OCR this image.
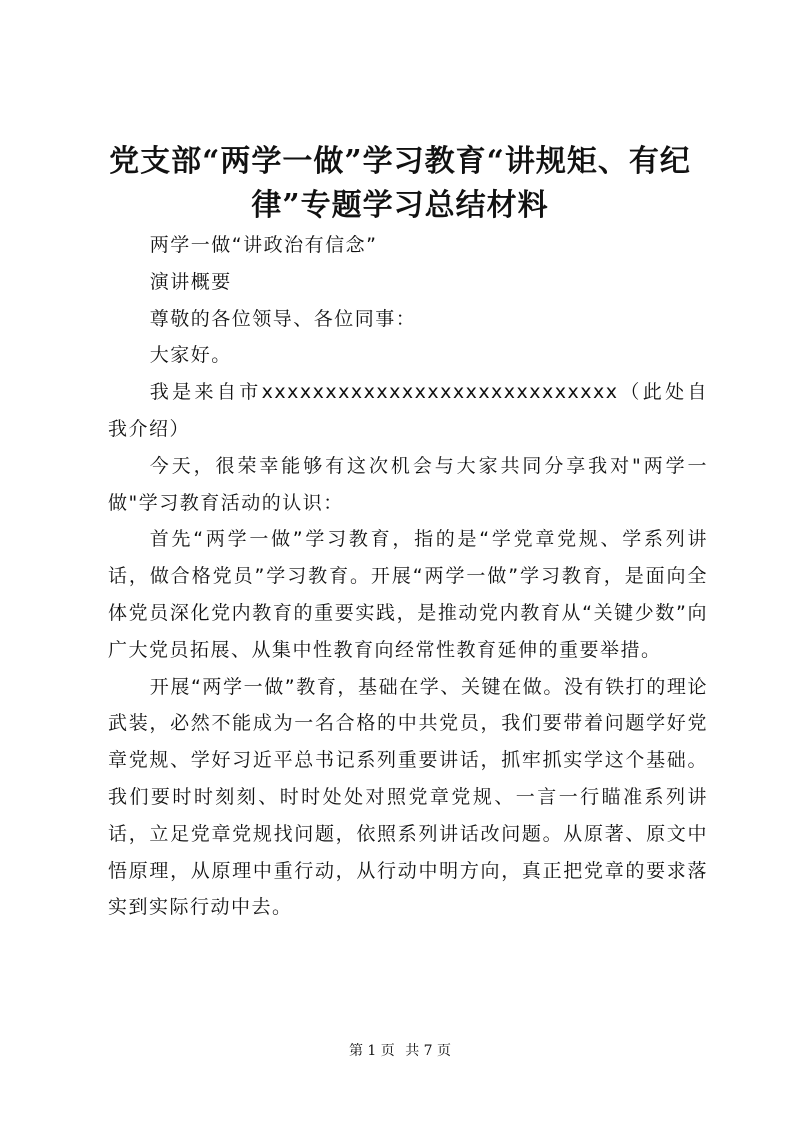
党支部“两学一做”学习教育“讲规矩、有纪律”专题学习总结材料

两学一做“讲政治有信念”

演讲概要

尊敬的各位领导、各位同事：

大家好。

我是来自市xxxxxxxxxxxxxxxxxxxxxxxxxxxx（此处自我介绍）

今天，很荣幸能够有这次机会与大家共同分享我对"两学一做"学习教育活动的认识：

首先“两学一做”学习教育，指的是“学党章党规、学系列讲话，做合格党员”学习教育。开展“两学一做”学习教育，是面向全体党员深化党内教育的重要实践，是推动党内教育从“关键少数”向广大党员拓展、从集中性教育向经常性教育延伸的重要举措。

开展“两学一做”教育，基础在学、关键在做。没有铁打的理论武装，必然不能成为一名合格的中共党员，我们要带着问题学好党章党规、学好习近平总书记系列重要讲话，抓牢抓实学这个基础。我们要时时刻刻、时时处处对照党章党规、一言一行瞄准系列讲话，立足党章党规找问题，依照系列讲话改问题。从原著、原文中悟原理，从原理中重行动，从行动中明方向，真正把党章的要求落实到实际行动中去。

第 1 页 共 7 页
